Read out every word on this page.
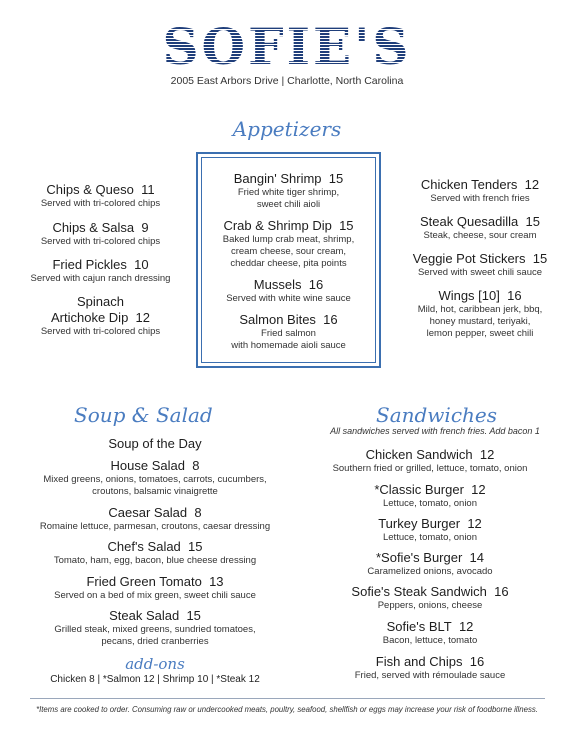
SOFIE'S
2005 East Arbors Drive | Charlotte, North Carolina
Appetizers
Chips & Queso 11
Served with tri-colored chips
Chips & Salsa 9
Served with tri-colored chips
Fried Pickles 10
Served with cajun ranch dressing
Spinach
Artichoke Dip 12
Served with tri-colored chips
Bangin' Shrimp 15
Fried white tiger shrimp,
sweet chili aioli
Crab & Shrimp Dip 15
Baked lump crab meat, shrimp,
cream cheese, sour cream,
cheddar cheese, pita points
Mussels 16
Served with white wine sauce
Salmon Bites 16
Fried salmon
with homemade aioli sauce
Chicken Tenders 12
Served with french fries
Steak Quesadilla 15
Steak, cheese, sour cream
Veggie Pot Stickers 15
Served with sweet chili sauce
Wings [10] 16
Mild, hot, caribbean jerk, bbq,
honey mustard, teriyaki,
lemon pepper, sweet chili
Soup & Salad
Soup of the Day
House Salad 8
Mixed greens, onions, tomatoes, carrots, cucumbers,
croutons, balsamic vinaigrette
Caesar Salad 8
Romaine lettuce, parmesan, croutons, caesar dressing
Chef's Salad 15
Tomato, ham, egg, bacon, blue cheese dressing
Fried Green Tomato 13
Served on a bed of mix green, sweet chili sauce
Steak Salad 15
Grilled steak, mixed greens, sundried tomatoes,
pecans, dried cranberries
add-ons
Chicken 8 | *Salmon 12 | Shrimp 10 | *Steak 12
Sandwiches
All sandwiches served with french fries. Add bacon 1
Chicken Sandwich 12
Southern fried or grilled, lettuce, tomato, onion
*Classic Burger 12
Lettuce, tomato, onion
Turkey Burger 12
Lettuce, tomato, onion
*Sofie's Burger 14
Caramelized onions, avocado
Sofie's Steak Sandwich 16
Peppers, onions, cheese
Sofie's BLT 12
Bacon, lettuce, tomato
Fish and Chips 16
Fried, served with rémoulade sauce
*Items are cooked to order. Consuming raw or undercooked meats, poultry, seafood, shellfish or eggs may increase your risk of foodborne illness.
